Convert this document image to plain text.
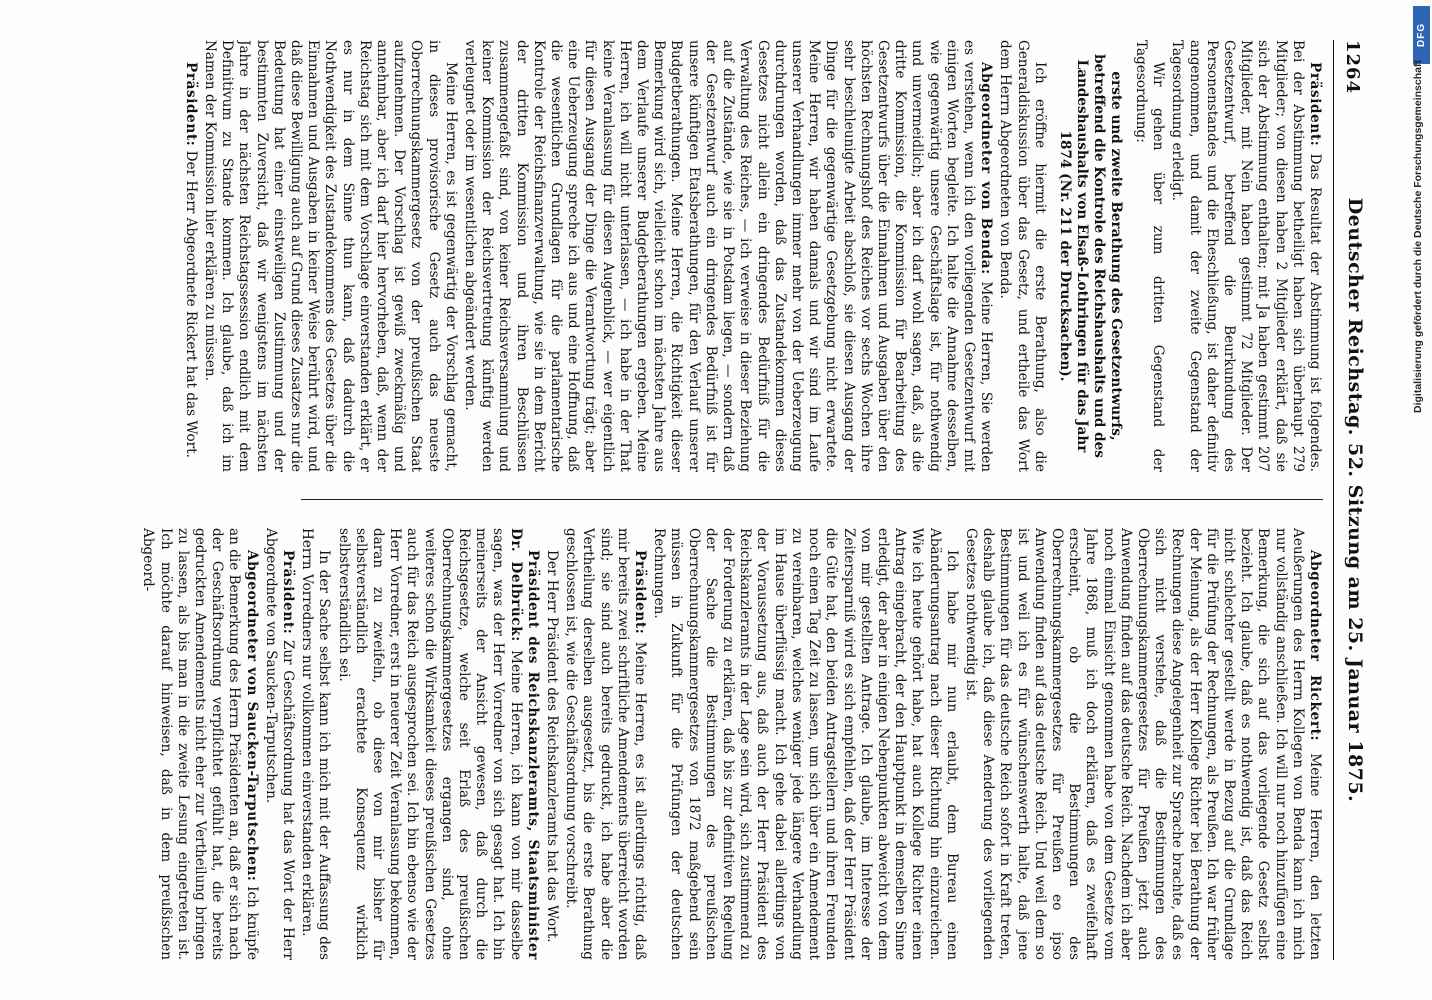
1264
Deutscher Reichstag. 52. Sitzung am 25. Januar 1875.

Präsident: Das Resultat der Abstimmung ist folgendes. Bei der Abstimmung betheiligt haben sich überhaupt 279 Mitglieder; von diesen haben 2 Mitglieder erklärt, daß sie sich der Abstimmung enthalten; mit Ja haben gestimmt 207 Mitglieder, mit Nein haben gestimmt 72 Mitglieder. Der Gesetzentwurf, betreffend die Beurkundung des Personenstandes und die Eheschließung, ist daher definitiv angenommen, und damit der zweite Gegenstand der Tagesordnung erledigt.

Wir gehen über zum dritten Gegenstand der Tagesordnung:

erste und zweite Berathung des Gesetzentwurfs, betreffend die Kontrole des Reichshaushalts und des Landeshaushalts von Elsaß-Lothringen für das Jahr 1874 (Nr. 211 der Drucksachen).

Ich eröffne hiermit die erste Berathung, also die Generaldiskussion über das Gesetz, und ertheile das Wort dem Herrn Abgeordneten von Benda.

Abgeordneter von Benda: Meine Herren, Sie werden es verstehen, wenn ich den vorliegenden Gesetzentwurf mit einigen Worten begleite. Ich halte die Annahme desselben, wie gegenwärtig unsere Geschäftslage ist, für nothwendig und unvermeidlich; aber ich darf wohl sagen, daß, als die dritte Kommission, die Kommission für Bearbeitung des Gesetzentwurfs über die Einnahmen und Ausgaben über den höchsten Rechnungshof des Reiches vor sechs Wochen ihre sehr beschleunigte Arbeit abschloß, sie diesen Ausgang der Dinge für die gegenwärtige Gesetzgebung nicht erwartete. Meine Herren, wir haben damals und wir sind im Laufe unserer Verhandlungen immer mehr von der Ueberzeugung durchdrungen worden, daß das Zustandekommen dieses Gesetzes nicht allein ein dringendes Bedürfniß für die Verwaltung des Reiches, — ich verweise in dieser Beziehung auf die Zustände, wie sie in Potsdam liegen, — sondern daß der Gesetzentwurf auch ein dringendes Bedürfniß ist für unsere künftigen Etatsberathungen, für den Verlauf unserer Budgetberathungen. Meine Herren, die Richtigkeit dieser Bemerkung wird sich, vielleicht schon im nächsten Jahre aus dem Verlaufe unserer Budgetberathungen ergeben. Meine Herren, ich will nicht unterlassen, — ich habe in der That keine Veranlassung für diesen Augenblick, — wer eigentlich für diesen Ausgang der Dinge die Verantwortung trägt; aber eine Ueberzeugung spreche ich aus und eine Hoffnung, daß die wesentlichen Grundlagen für die parlamentarische Kontrole der Reichsfinanzverwaltung, wie sie in dem Bericht der dritten Kommission und ihren Beschlüssen zusammengefaßt sind, von keiner Reichsversammlung und keiner Kommission der Reichsvertretung künftig werden verleugnet oder im wesentlichen abgeändert werden.

Meine Herren, es ist gegenwärtig der Vorschlag gemacht, in dieses provisorische Gesetz auch das neueste Oberrechnungskammergesetz von der preußischen Staat aufzunehmen. Der Vorschlag ist gewiß zweckmäßig und annehmbar, aber ich darf hier hervorheben, daß, wenn der Reichstag sich mit dem Vorschlage einverstanden erklärt, er es nur in dem Sinne thun kann, daß dadurch die Nothwendigkeit des Zustandekommens des Gesetzes über die Einnahmen und Ausgaben in keiner Weise berührt wird, und daß diese Bewilligung auch auf Grund dieses Zusatzes nur die Bedeutung hat einer einstweiligen Zustimmung und der bestimmten Zuversicht, daß wir wenigstens im nächsten Jahre in der nächsten Reichstagssession endlich mit dem Definitivum zu Stande kommen. Ich glaube, daß ich im Namen der Kommission hier erklären zu müssen.

Präsident: Der Herr Abgeordnete Rickert hat das Wort.

Abgeordneter Rickert: Meine Herren, den letzten Aeußerungen des Herrn Kollegen von Benda kann ich mich nur vollständig anschließen. Ich will nur noch hinzufügen eine Bemerkung, die sich auf das vorliegende Gesetz selbst bezieht. Ich glaube, daß es nothwendig ist, daß das Reich nicht schlechter gestellt werde in Bezug auf die Grundlage für die Prüfung der Rechnungen, als Preußen. Ich war früher der Meinung, als der Herr Kollege Richter bei Berathung der Rechnungen diese Angelegenheit zur Sprache brachte, daß es sich nicht verstehe, daß die Bestimmungen des Oberrechnungskammergesetzes für Preußen jetzt auch Anwendung finden auf das deutsche Reich. Nachdem ich aber noch einmal Einsicht genommen habe von dem Gesetze vom Jahre 1868, muß ich doch erklären, daß es zweifelhaft erscheint, ob die Bestimmungen des Oberrechnungskammergesetzes für Preußen eo ipso Anwendung finden auf das deutsche Reich. Und weil dem so ist und weil ich es für wünschenswerth halte, daß jene Bestimmungen für das deutsche Reich sofort in Kraft treten, deshalb glaube ich, daß diese Aenderung des vorliegenden Gesetzes nothwendig ist.

Ich habe mir nun erlaubt, dem Bureau einen Abänderungsantrag nach dieser Richtung hin einzureichen. Wie ich heute gehört habe, hat auch Kollege Richter einen Antrag eingebracht, der den Hauptpunkt in demselben Sinne erledigt, der aber in einigen Nebenpunkten abweicht von dem von mir gestellten Antrage. Ich glaube, im Interesse der Zeitersparniß wird es sich empfehlen, daß der Herr Präsident die Güte hat, den beiden Antragstellern und ihren Freunden noch einen Tag Zeit zu lassen, um sich über ein Amendement zu vereinbaren, welches weniger jede längere Verhandlung im Hause überflüssig macht. Ich gehe dabei allerdings von der Voraussetzung aus, daß auch der Herr Präsident des Reichskanzleramts in der Lage sein wird, sich zustimmend zu der Forderung zu erklären, daß bis zur definitiven Regelung der Sache die Bestimmungen des preußischen Oberrechnungskammergesetzes von 1872 maßgebend sein müssen in Zukunft für die Prüfungen der deutschen Rechnungen.

Präsident: Meine Herren, es ist allerdings richtig, daß mir bereits zwei schriftliche Amendements überreicht worden sind; sie sind auch bereits gedruckt, ich habe aber die Vertheilung derselben ausgesetzt, bis die erste Berathung geschlossen ist, wie die Geschäftsordnung vorschreibt.

Der Herr Präsident des Reichskanzleramts hat das Wort.

Präsident des Reichskanzleramts, Staatsminister Dr. Delbrück: Meine Herren, ich kann von mir dasselbe sagen, was der Herr Vorredner von sich gesagt hat. Ich bin meinerseits der Ansicht gewesen, daß durch die Reichsgesetze, welche seit Erlaß des preußischen Oberrechnungskammergesetzes ergangen sind, ohne weiteres schon die Wirksamkeit dieses preußischen Gesetzes auch für das Reich ausgesprochen sei. Ich bin ebenso wie der Herr Vorredner, erst in neuerer Zeit Veranlassung bekommen, daran zu zweifeln, ob diese von mir bisher für selbstverständlich erachtete Konsequenz wirklich selbstverständlich sei.

In der Sache selbst kann ich mich mit der Auffassung des Herrn Vorredners nur vollkommen einverstanden erklären.

Präsident: Zur Geschäftsordnung hat das Wort der Herr Abgeordnete von Saucken-Tarputschen.

Abgeordneter von Saucken-Tarputschen: Ich knüpfe an die Bemerkung des Herrn Präsidenten an, daß er sich nach der Geschäftsordnung verpflichtet gefühlt hat, die bereits gedruckten Amendements nicht eher zur Vertheilung bringen zu lassen, als bis man in die zweite Lesung eingetreten ist. Ich möchte darauf hinweisen, daß in dem preußischen Abgeord-

DFG
Digitalisierung gefördert durch die Deutsche Forschungsgemeinschaft
